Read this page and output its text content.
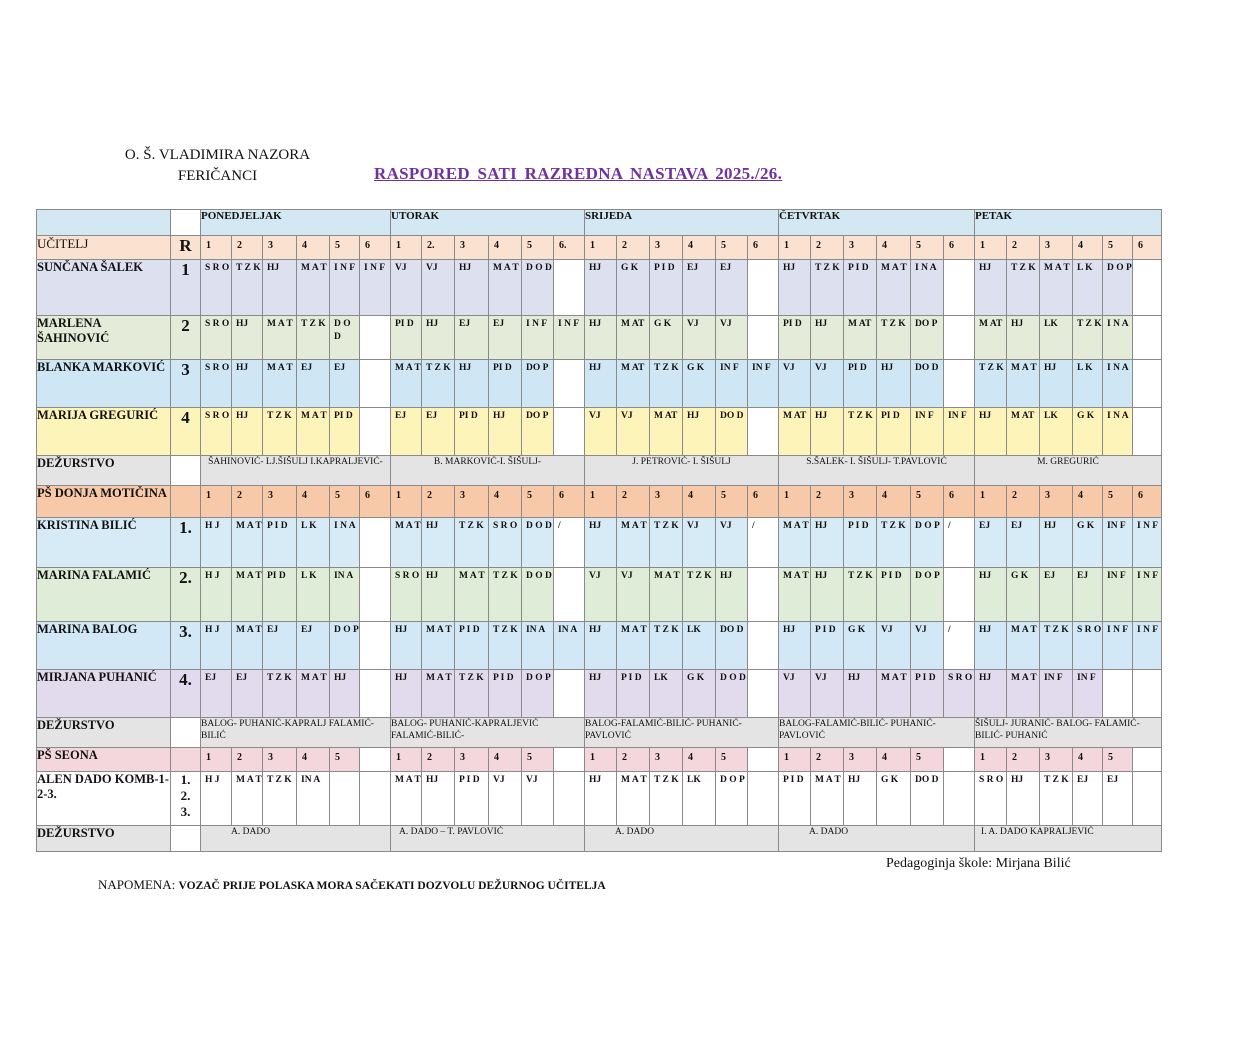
O. Š. VLADIMIRA NAZORA
FERIČANCI	RASPORED SATI RAZREDNA NASTAVA 2025./26.
		PONEDJELJAK						UTORAK						SRIJEDA						ČETVRTAK						PETAK					
UČITELJ	R	1	2	3	4	5	6	1	2.	3	4	5	6.	1	2	3	4	5	6	1	2	3	4	5	6	1	2	3	4	5	6
SUNČANA ŠALEK	1	S R O	T Z K	HJ	M A T	I N F	I N F	VJ	VJ	HJ	M A T	D O D		HJ	G K	P I D	EJ	EJ		HJ	T Z K	P I D	M A T	I N A		HJ	T Z K	M A T	L K	D O P	
MARLENA ŠAHINOVIĆ	2	S R O	HJ	M A T	T Z K	D O D		PI D	HJ	EJ	EJ	I N F	I N F	HJ	M AT	G K	VJ	VJ		PI D	HJ	M AT	T Z K	DO P		M AT	HJ	LK	T Z K	I N A	
BLANKA MARKOVIĆ	3	S R O	HJ	M A T	EJ	EJ		M A T	T Z K	HJ	PI D	DO P		HJ	M AT	T Z K	G K	IN F	IN F	VJ	VJ	PI D	HJ	DO D		T Z K	M A T	HJ	L K	I N A	
MARIJA GREGURIĆ	4	S R O	HJ	T Z K	M A T	PI D		EJ	EJ	PI D	HJ	DO P		VJ	VJ	M AT	HJ	DO D		M AT	HJ	T Z K	PI D	IN F	IN F	HJ	M AT	LK	G K	I N A	
DEŽURSTVO		ŠAHINOVIĆ- LJ.ŠIŠULJ I.KAPRALJEVIĆ-						B. MARKOVIĆ-I. ŠIŠULJ-						J. PETROVIĆ- I. ŠIŠULJ						S.ŠALEK- I. ŠIŠULJ- T.PAVLOVIĆ						M. GREGURIĆ					
PŠ DONJA MOTIČINA		1	2	3	4	5	6	1	2	3	4	5	6	1	2	3	4	5	6	1	2	3	4	5	6	1	2	3	4	5	6
KRISTINA BILIĆ	1.	H J	M A T	P I D	L K	I N A		M A T	HJ	T Z K	S R O	D O D	/	HJ	M A T	T Z K	VJ	VJ	/	M A T	HJ	P I D	T Z K	D O P	/	EJ	EJ	HJ	G K	IN F	I N F
MARINA FALAMIĆ	2.	H J	M A T	PI D	L K	IN A		S R O	HJ	M A T	T Z K	D O D		VJ	VJ	M A T	T Z K	HJ		M A T	HJ	T Z K	P I D	D O P		HJ	G K	EJ	EJ	IN F	I N F
MARINA BALOG	3.	H J	M A T	EJ	EJ	D O P		HJ	M A T	P I D	T Z K	IN A	IN A	HJ	M A T	T Z K	LK	DO D		HJ	P I D	G K	VJ	VJ	/	HJ	M A T	T Z K	S R O	I N F	I N F
MIRJANA PUHANIĆ	4.	EJ	EJ	T Z K	M A T	HJ		HJ	M A T	T Z K	P I D	D O P		HJ	P I D	LK	G K	D O D		VJ	VJ	HJ	M A T	P I D	S R O	HJ	M A T	IN F	IN F		
DEŽURSTVO		BALOG- PUHANIĆ-KAPRALJ FALAMIĆ-BILIĆ						BALOG- PUHANIĆ-KAPRALJEVIĆ FALAMIĆ-BILIĆ-						BALOG-FALAMIĆ-BILIĆ- PUHANIĆ-PAVLOVIĆ						BALOG-FALAMIĆ-BILIĆ- PUHANIĆ-PAVLOVIĆ						ŠIŠULJ- JURANIĆ- BALOG- FALAMIĆ- BILIĆ- PUHANIĆ					
PŠ SEONA		1	2	3	4	5		1	2	3	4	5		1	2	3	4	5		1	2	3	4	5		1	2	3	4	5	
ALEN DADO KOMB-1-2-3.	1. 2. 3.	H J	M A T	T Z K	IN A			M A T	HJ	P I D	VJ	VJ		HJ	M A T	T Z K	LK	D O P		P I D	M A T	HJ	G K	DO D		S R O	HJ	T Z K	EJ	EJ	
DEŽURSTVO		A. DADO						A. DADO – T. PAVLOVIĆ						A. DADO						A. DADO						I. A. DADO KAPRALJEVIĆ					
Pedagoginja škole: Mirjana Bilić
NAPOMENA: VOZAČ PRIJE POLASKA MORA SAČEKATI DOZVOLU DEŽURNOG UČITELJA
